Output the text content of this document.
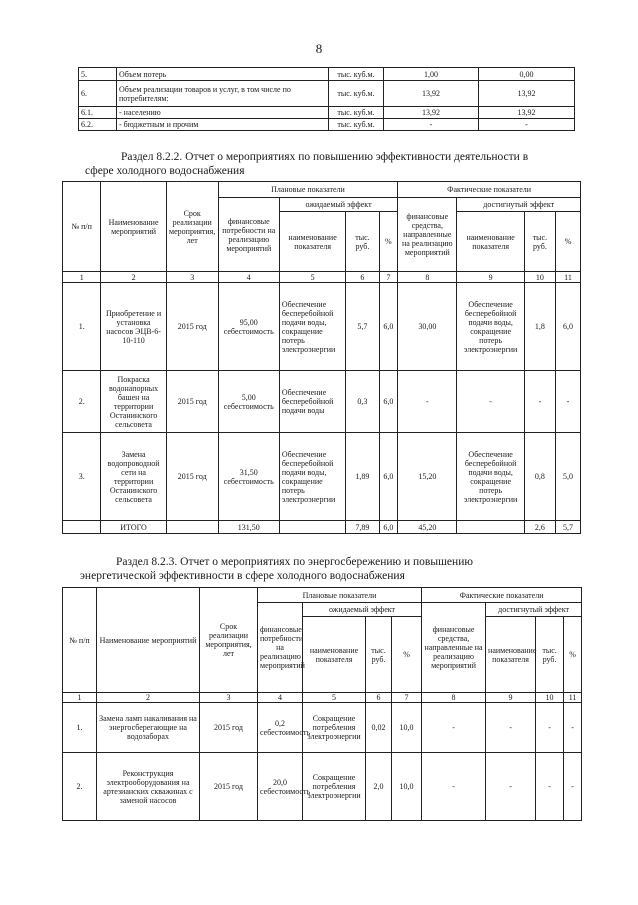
8
5.	Объем потерь	тыс. куб.м.	1,00	0,00
6.	Объем реализации товаров и услуг, в том числе по потребителям:	тыс. куб.м.	13,92	13,92
6.1.	- населению	тыс. куб.м.	13,92	13,92
6.2.	- бюджетным и прочим	тыс. куб.м.	-	-

Раздел 8.2.2. Отчет о мероприятиях по повышению эффективности деятельности в

сфере холодного водоснабжения

№ п/п	Наименование мероприятий	Срок реализации мероприятия, лет	Плановые показатели				Фактические показатели			
			финансовые потребности на реализацию мероприятий	ожидаемый эффект			финансовые средства, направленные на реализацию мероприятий	достигнутый эффект		
				наименование показателя	тыс. руб.	%		наименование показателя	тыс. руб.	%
1	2	3	4	5	6	7	8	9	10	11
1.	Приобретение и установка насосов ЭЦВ-6-10-110	2015 год	95,00 себестоимость	Обеспечение бесперебойной подачи воды, сокращение потерь электроэнергии	5,7	6,0	30,00	Обеспечение бесперебойной подачи воды, сокращение потерь электроэнергии	1,8	6,0
2.	Покраска водонапорных башен на территории Останинского сельсовета	2015 год	5,00 себестоимость	Обеспечение бесперебойной подачи воды	0,3	6,0	-	-	-	-
3.	Замена водопроводной сети на территории Останинского сельсовета	2015 год	31,50 себестоимость	Обеспечение бесперебойной подачи воды, сокращение потерь электроэнергии	1,89	6,0	15,20	Обеспечение бесперебойной подачи воды, сокращение потерь электроэнергии	0,8	5,0
	ИТОГО		131,50		7,89	6,0	45,20		2,6	5,7

Раздел 8.2.3. Отчет о мероприятиях по энергосбережению и повышению

энергетической эффективности в сфере холодного водоснабжения

№ п/п	Наименование мероприятий	Срок реализации мероприятия, лет	Плановые показатели				Фактические показатели			
			финансовые потребности на реализацию мероприятий	ожидаемый эффект			финансовые средства, направленные на реализацию мероприятий	достигнутый эффект		
				наименование показателя	тыс. руб.	%		наименование показателя	тыс. руб.	%
1	2	3	4	5	6	7	8	9	10	11
1.	Замена ламп накаливания на энергосберегающие на водозаборах	2015 год	0,2 себестоимость	Сокращение потребления электроэнергии	0,02	10,0	-	-	-	-
2.	Реконструкция электрооборудования на артезианских скважинах с заменой насосов	2015 год	20,0 себестоимость	Сокращение потребления электроэнергии	2,0	10,0	-	-	-	-
